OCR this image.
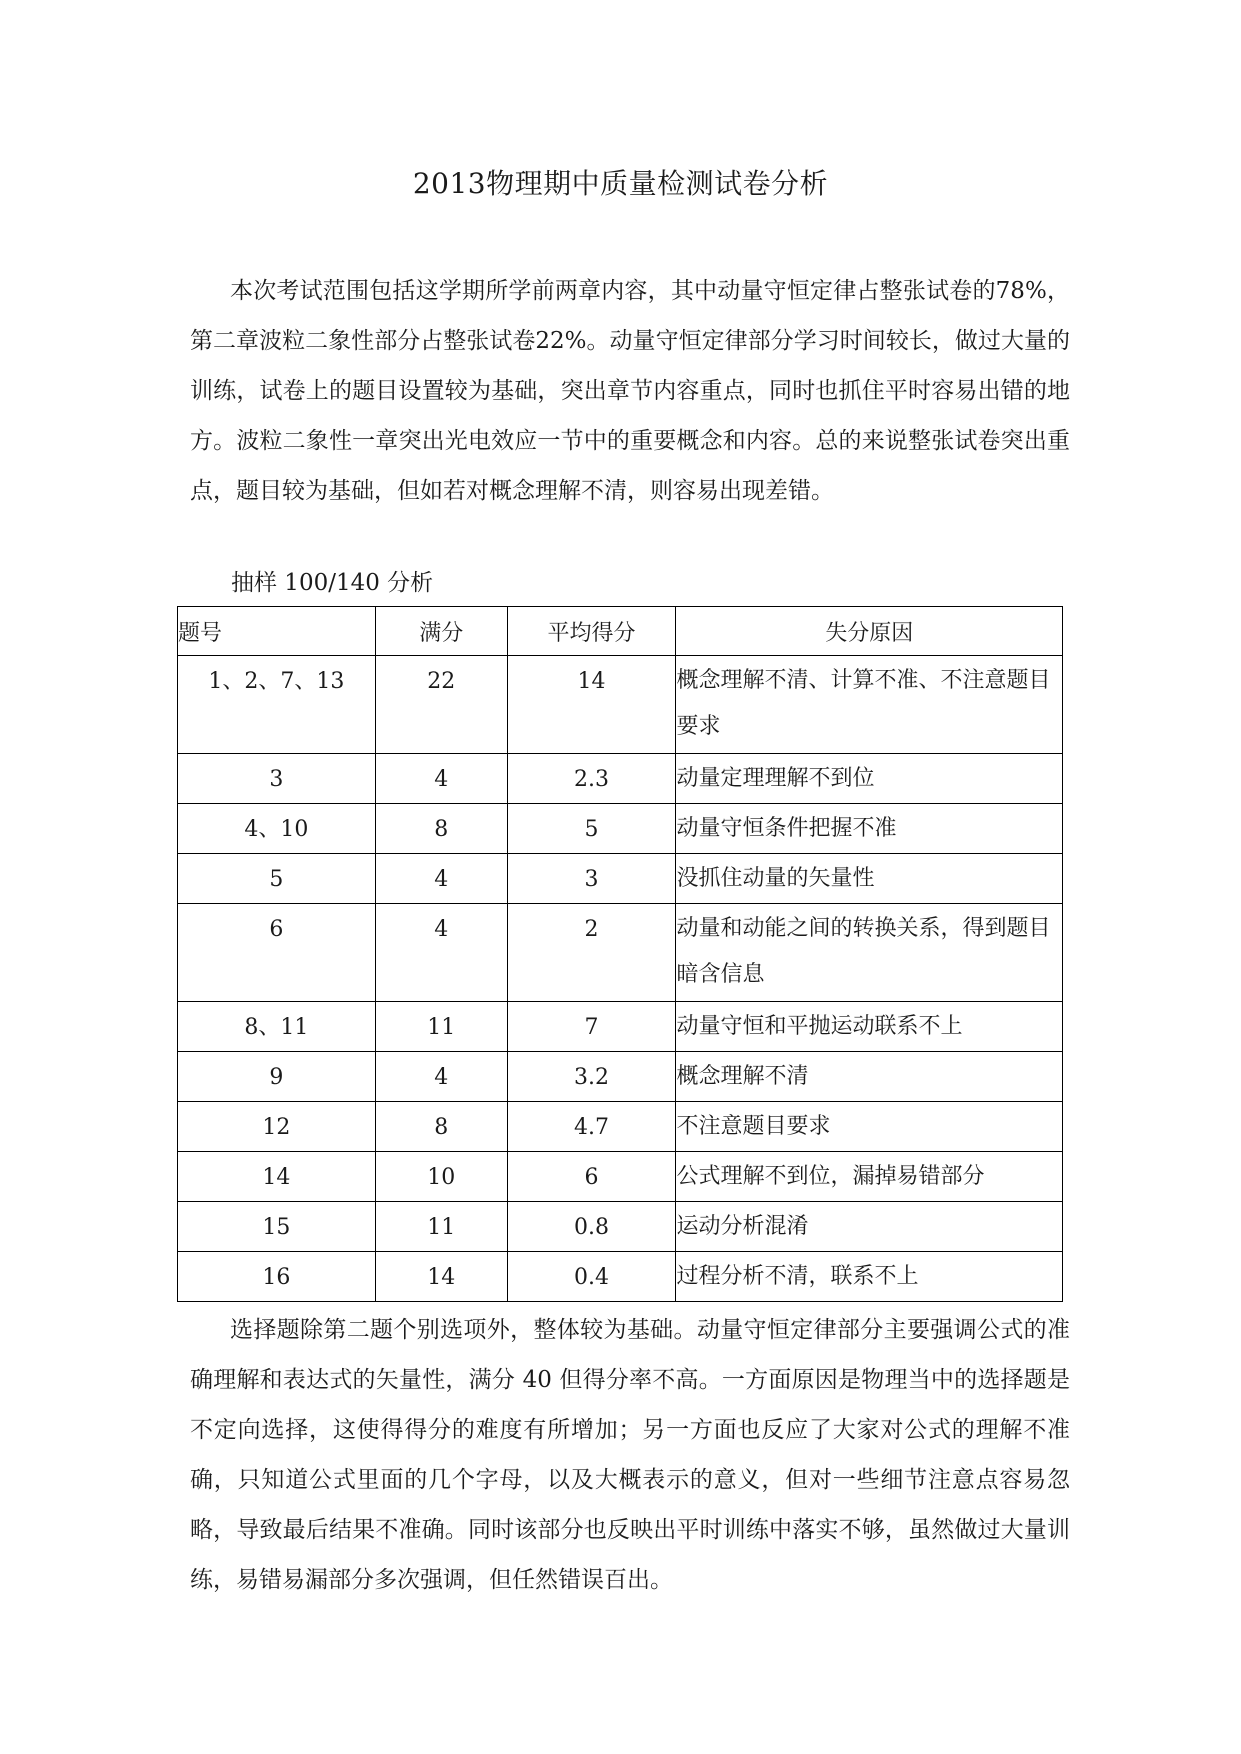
2013物理期中质量检测试卷分析

本次考试范围包括这学期所学前两章内容，其中动量守恒定律占整张试卷的78%，第二章波粒二象性部分占整张试卷22%。动量守恒定律部分学习时间较长，做过大量的训练，试卷上的题目设置较为基础，突出章节内容重点，同时也抓住平时容易出错的地方。波粒二象性一章突出光电效应一节中的重要概念和内容。总的来说整张试卷突出重点，题目较为基础，但如若对概念理解不清，则容易出现差错。

抽样 100/140 分析
题号	满分	平均得分	失分原因

1、2、7、13	22	14	概念理解不清、计算不准、不注意题目要求

3	4	2.3	动量定理理解不到位

4、10	8	5	动量守恒条件把握不准

5	4	3	没抓住动量的矢量性

6	4	2	动量和动能之间的转换关系，得到题目暗含信息

8、11	11	7	动量守恒和平抛运动联系不上

9	4	3.2	概念理解不清

12	8	4.7	不注意题目要求

14	10	6	公式理解不到位，漏掉易错部分

15	11	0.8	运动分析混淆

16	14	0.4	过程分析不清，联系不上

选择题除第二题个别选项外，整体较为基础。动量守恒定律部分主要强调公式的准确理解和表达式的矢量性，满分 40 但得分率不高。一方面原因是物理当中的选择题是不定向选择，这使得得分的难度有所增加；另一方面也反应了大家对公式的理解不准确，只知道公式里面的几个字母，以及大概表示的意义，但对一些细节注意点容易忽略，导致最后结果不准确。同时该部分也反映出平时训练中落实不够，虽然做过大量训练，易错易漏部分多次强调，但任然错误百出。
